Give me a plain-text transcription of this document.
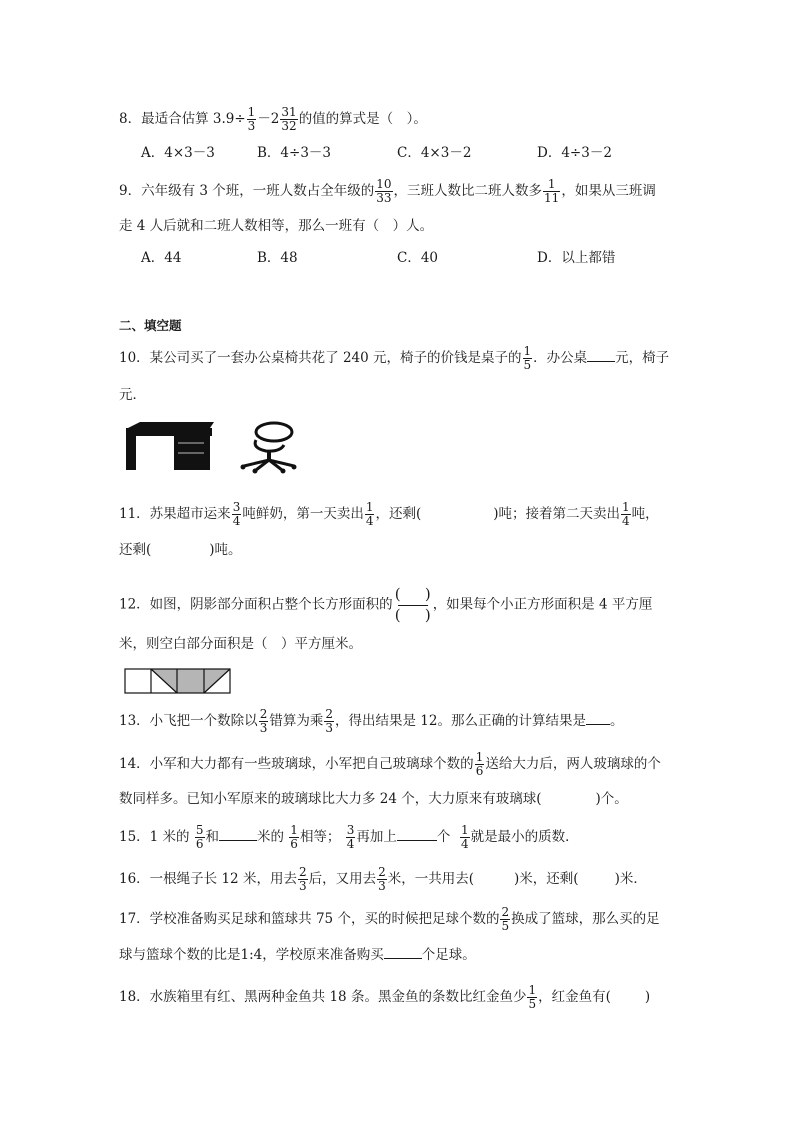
8．最适合估算 $3.9\div \frac{1}{3} -2 \frac{31}{32}$ 的值的算式是（　）。
A．4×3－3	B．4÷3－3	C．4×3－2	D．4÷3－2
9．六年级有 3 个班，一班人数占全年级的 $\frac{10}{33}$ ，三班人数比二班人数多 $\frac{1}{11}$ ，如果从三班调
走 4 人后就和二班人数相等，那么一班有（　）人。
A．44	B．48	C．40	D．以上都错
二、填空题
10．某公司买了一套办公桌椅共花了 240 元，椅子的价钱是桌子的 $\frac{1}{5}$ ．办公桌 元，椅子
元．
11．苏果超市运来 $\frac{3}{4}$ 吨鲜奶，第一天卖出 $\frac{1}{4}$ ，还剩(	)吨；接着第二天卖出 $\frac{1}{4}$ 吨，
还剩(	)吨。
12．如图，阴影部分面积占整个长方形面积的 $\frac{( )}{( )}$ ，如果每个小正方形面积是 4 平方厘
米，则空白部分面积是（　）平方厘米。
13．小飞把一个数除以 $\frac{2}{3}$ 错算为乘 $\frac{2}{3}$ ，得出结果是 12。那么正确的计算结果是 。
14．小军和大力都有一些玻璃球，小军把自己玻璃球个数的 $\frac{1}{6}$ 送给大力后，两人玻璃球的个
数同样多。已知小军原来的玻璃球比大力多 24 个，大力原来有玻璃球(	)个。
15．1 米的 $\frac{5}{6}$ 和	米的 $\frac{1}{6}$ 相等； $\frac{3}{4}$ 再加上	个 $\frac{1}{4}$ 就是最小的质数．
16．一根绳子长 12 米，用去 $\frac{2}{3}$ 后，又用去 $\frac{2}{3}$ 米，一共用去(	)米，还剩(	)米．
17．学校准备购买足球和篮球共 75 个，买的时候把足球个数的 $\frac{2}{5}$ 换成了篮球，那么买的足
球与篮球个数的比是1:4，学校原来准备购买	个足球。
18．水族箱里有红、黑两种金鱼共 18 条。黑金鱼的条数比红金鱼少 $\frac{1}{5}$ ，红金鱼有(	)
